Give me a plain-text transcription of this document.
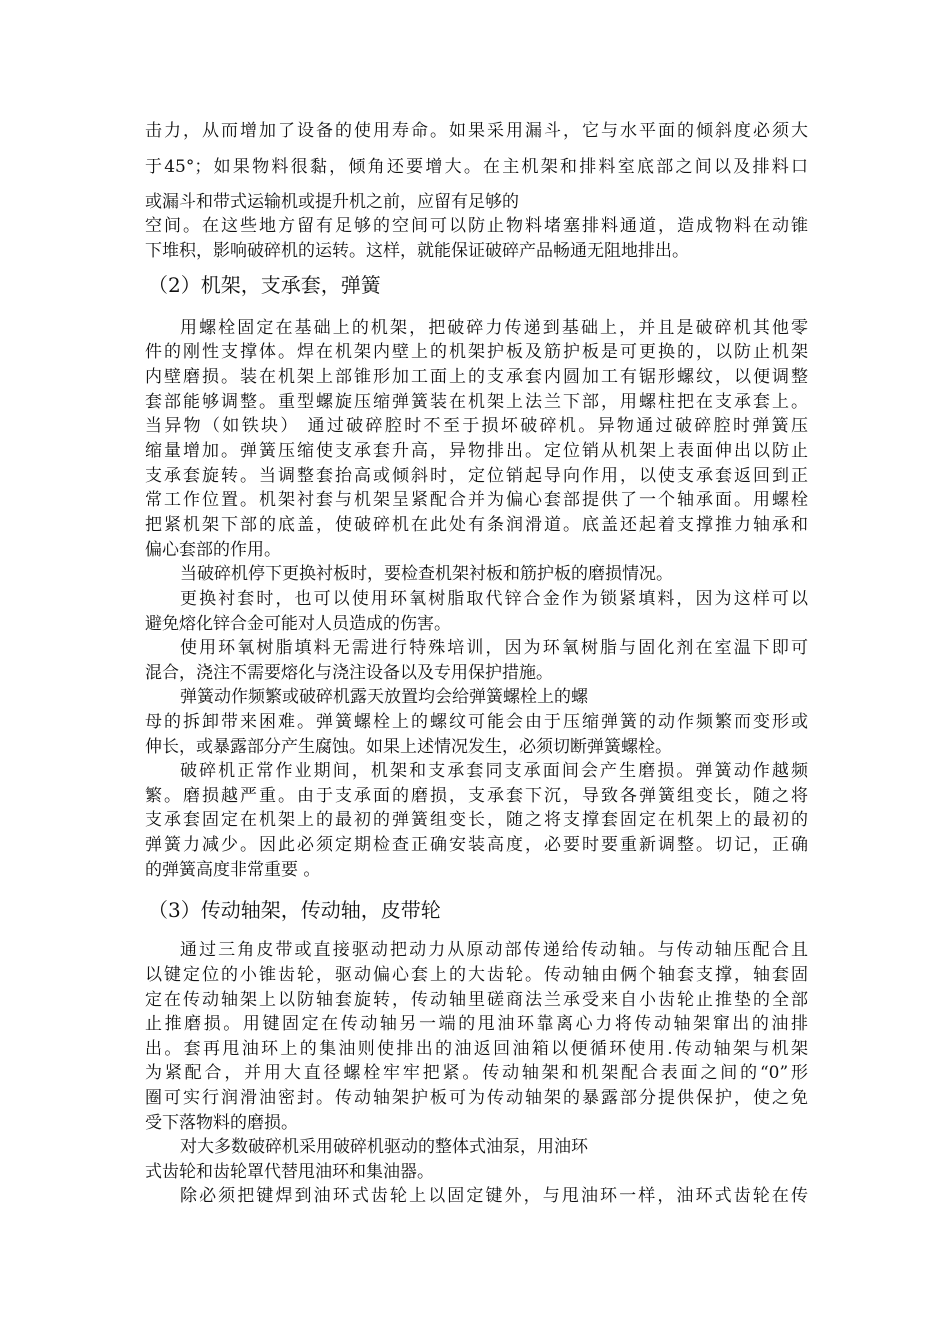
击力，从而增加了设备的使用寿命。如果采用漏斗，它与水平面的倾斜度必须大
于45°；如果物料很黏，倾角还要增大。在主机架和排料室底部之间以及排料口
或漏斗和带式运输机或提升机之前，应留有足够的
空间。在这些地方留有足够的空间可以防止物料堵塞排料通道，造成物料在动锥
下堆积，影响破碎机的运转。这样，就能保证破碎产品畅通无阻地排出。
（2）机架，支承套，弹簧
用螺栓固定在基础上的机架，把破碎力传递到基础上，并且是破碎机其他零
件的刚性支撑体。焊在机架内壁上的机架护板及筋护板是可更换的，以防止机架
内壁磨损。装在机架上部锥形加工面上的支承套内圆加工有锯形螺纹，以便调整
套部能够调整。重型螺旋压缩弹簧装在机架上法兰下部，用螺柱把在支承套上。
当异物（如铁块） 通过破碎腔时不至于损坏破碎机。异物通过破碎腔时弹簧压
缩量增加。弹簧压缩使支承套升高，异物排出。定位销从机架上表面伸出以防止
支承套旋转。当调整套抬高或倾斜时，定位销起导向作用，以使支承套返回到正
常工作位置。机架衬套与机架呈紧配合并为偏心套部提供了一个轴承面。用螺栓
把紧机架下部的底盖，使破碎机在此处有条润滑道。底盖还起着支撑推力轴承和
偏心套部的作用。
当破碎机停下更换衬板时，要检查机架衬板和筋护板的磨损情况。
更换衬套时，也可以使用环氧树脂取代锌合金作为锁紧填料，因为这样可以
避免熔化锌合金可能对人员造成的伤害。
使用环氧树脂填料无需进行特殊培训，因为环氧树脂与固化剂在室温下即可
混合，浇注不需要熔化与浇注设备以及专用保护措施。
弹簧动作频繁或破碎机露天放置均会给弹簧螺栓上的螺
母的拆卸带来困难。弹簧螺栓上的螺纹可能会由于压缩弹簧的动作频繁而变形或
伸长，或暴露部分产生腐蚀。如果上述情况发生，必须切断弹簧螺栓。
破碎机正常作业期间，机架和支承套同支承面间会产生磨损。弹簧动作越频
繁。磨损越严重。由于支承面的磨损，支承套下沉，导致各弹簧组变长，随之将
支承套固定在机架上的最初的弹簧组变长，随之将支撑套固定在机架上的最初的
弹簧力减少。因此必须定期检查正确安装高度，必要时要重新调整。切记，正确
的弹簧高度非常重要 。
（3）传动轴架，传动轴，皮带轮
通过三角皮带或直接驱动把动力从原动部传递给传动轴。与传动轴压配合且
以键定位的小锥齿轮，驱动偏心套上的大齿轮。传动轴由俩个轴套支撑，轴套固
定在传动轴架上以防轴套旋转，传动轴里磋商法兰承受来自小齿轮止推垫的全部
止推磨损。用键固定在传动轴另一端的甩油环靠离心力将传动轴架窜出的油排
出。套再甩油环上的集油则使排出的油返回油箱以便循环使用.传动轴架与机架
为紧配合，并用大直径螺栓牢牢把紧。传动轴架和机架配合表面之间的“0”形
圈可实行润滑油密封。传动轴架护板可为传动轴架的暴露部分提供保护，使之免
受下落物料的磨损。
对大多数破碎机采用破碎机驱动的整体式油泵，用油环
式齿轮和齿轮罩代替甩油环和集油器。
除必须把键焊到油环式齿轮上以固定键外，与甩油环一样，油环式齿轮在传
